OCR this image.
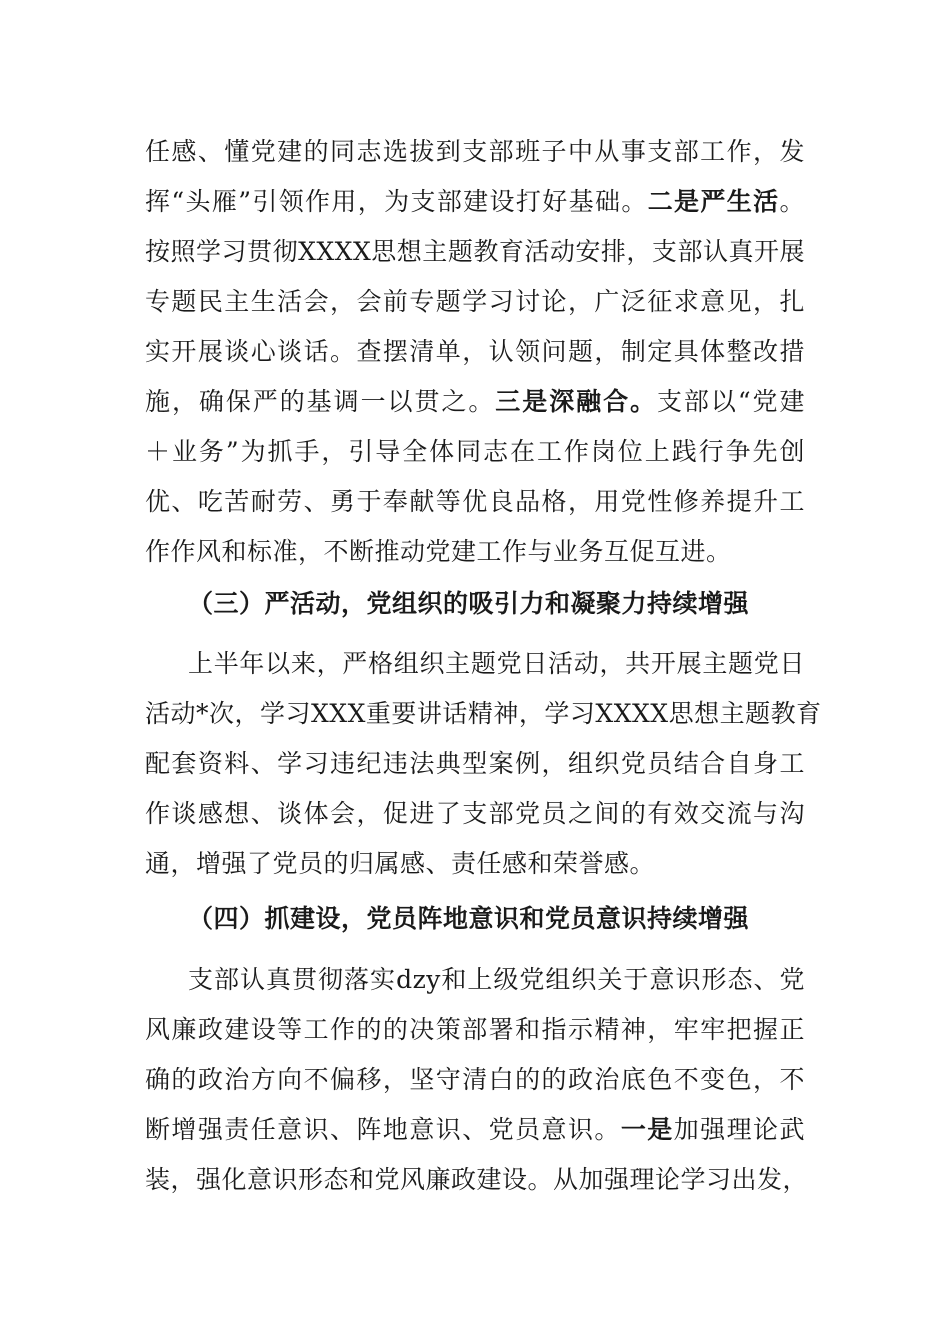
任感、懂党建的同志选拔到支部班子中从事支部工作，发
挥“头雁”引领作用，为支部建设打好基础。二是严生活。
按照学习贯彻XXXX思想主题教育活动安排，支部认真开展
专题民主生活会，会前专题学习讨论，广泛征求意见，扎
实开展谈心谈话。查摆清单，认领问题，制定具体整改措
施，确保严的基调一以贯之。三是深融合。支部以“党建
＋业务”为抓手，引导全体同志在工作岗位上践行争先创
优、吃苦耐劳、勇于奉献等优良品格，用党性修养提升工
作作风和标准，不断推动党建工作与业务互促互进。
（三）严活动，党组织的吸引力和凝聚力持续增强
上半年以来，严格组织主题党日活动，共开展主题党日
活动*次，学习XXX重要讲话精神，学习XXXX思想主题教育
配套资料、学习违纪违法典型案例，组织党员结合自身工
作谈感想、谈体会，促进了支部党员之间的有效交流与沟
通，增强了党员的归属感、责任感和荣誉感。
（四）抓建设，党员阵地意识和党员意识持续增强
支部认真贯彻落实dzy和上级党组织关于意识形态、党
风廉政建设等工作的的决策部署和指示精神，牢牢把握正
确的政治方向不偏移，坚守清白的的政治底色不变色，不
断增强责任意识、阵地意识、党员意识。一是加强理论武
装，强化意识形态和党风廉政建设。从加强理论学习出发，
